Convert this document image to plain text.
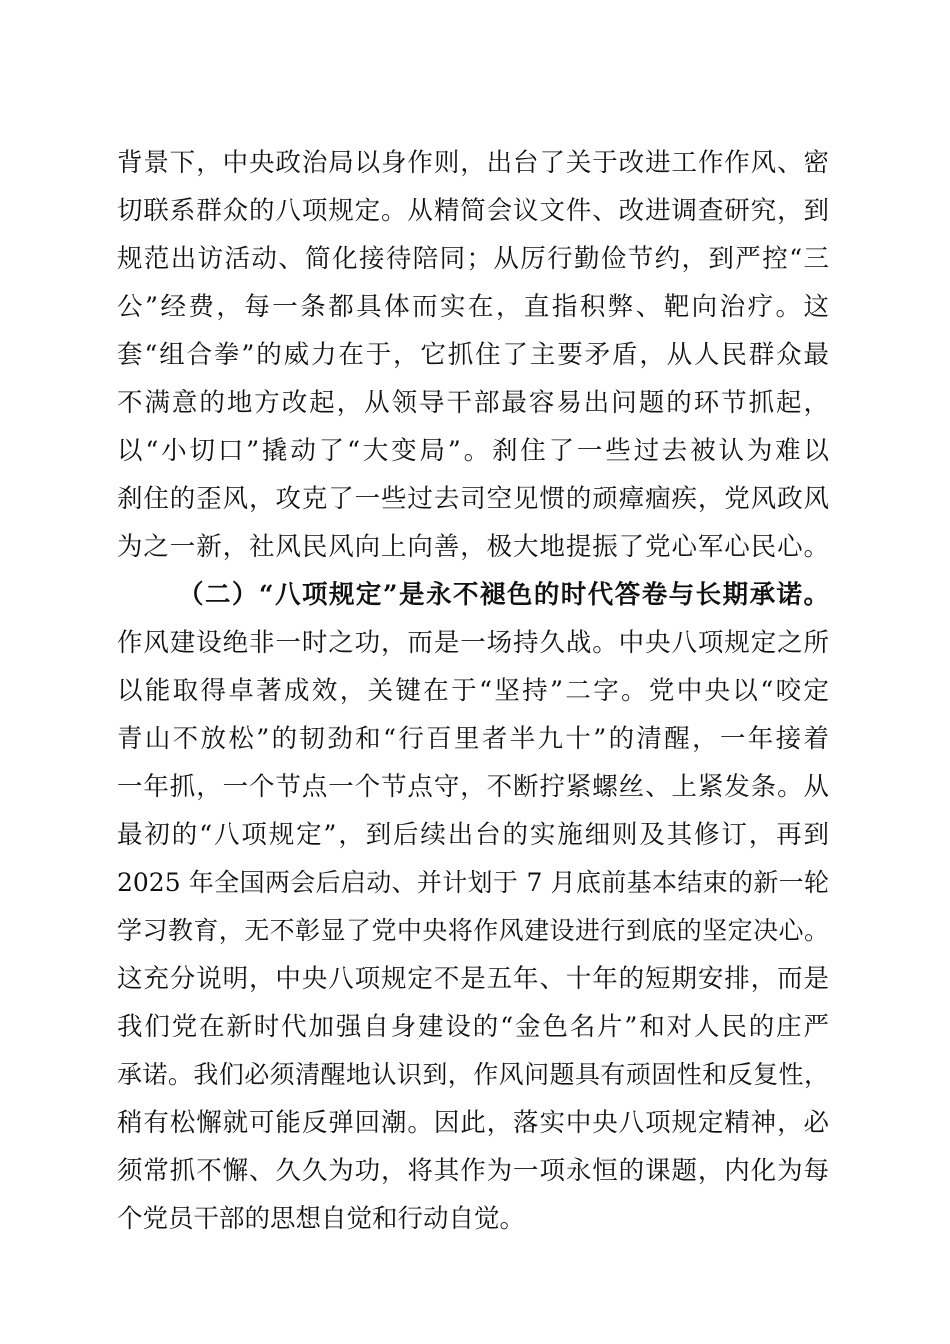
背景下，中央政治局以身作则，出台了关于改进工作作风、密
切联系群众的八项规定。从精简会议文件、改进调查研究，到
规范出访活动、简化接待陪同；从厉行勤俭节约，到严控“三
公”经费，每一条都具体而实在，直指积弊、靶向治疗。这
套“组合拳”的威力在于，它抓住了主要矛盾，从人民群众最
不满意的地方改起，从领导干部最容易出问题的环节抓起，
以“小切口”撬动了“大变局”。刹住了一些过去被认为难以
刹住的歪风，攻克了一些过去司空见惯的顽瘴痼疾，党风政风
为之一新，社风民风向上向善，极大地提振了党心军心民心。
（二）“八项规定”是永不褪色的时代答卷与长期承诺。
作风建设绝非一时之功，而是一场持久战。中央八项规定之所
以能取得卓著成效，关键在于“坚持”二字。党中央以“咬定
青山不放松”的韧劲和“行百里者半九十”的清醒，一年接着
一年抓，一个节点一个节点守，不断拧紧螺丝、上紧发条。从
最初的“八项规定”，到后续出台的实施细则及其修订，再到
2025 年全国两会后启动、并计划于 7 月底前基本结束的新一轮
学习教育，无不彰显了党中央将作风建设进行到底的坚定决心。
这充分说明，中央八项规定不是五年、十年的短期安排，而是
我们党在新时代加强自身建设的“金色名片”和对人民的庄严
承诺。我们必须清醒地认识到，作风问题具有顽固性和反复性，
稍有松懈就可能反弹回潮。因此，落实中央八项规定精神，必
须常抓不懈、久久为功，将其作为一项永恒的课题，内化为每
个党员干部的思想自觉和行动自觉。
